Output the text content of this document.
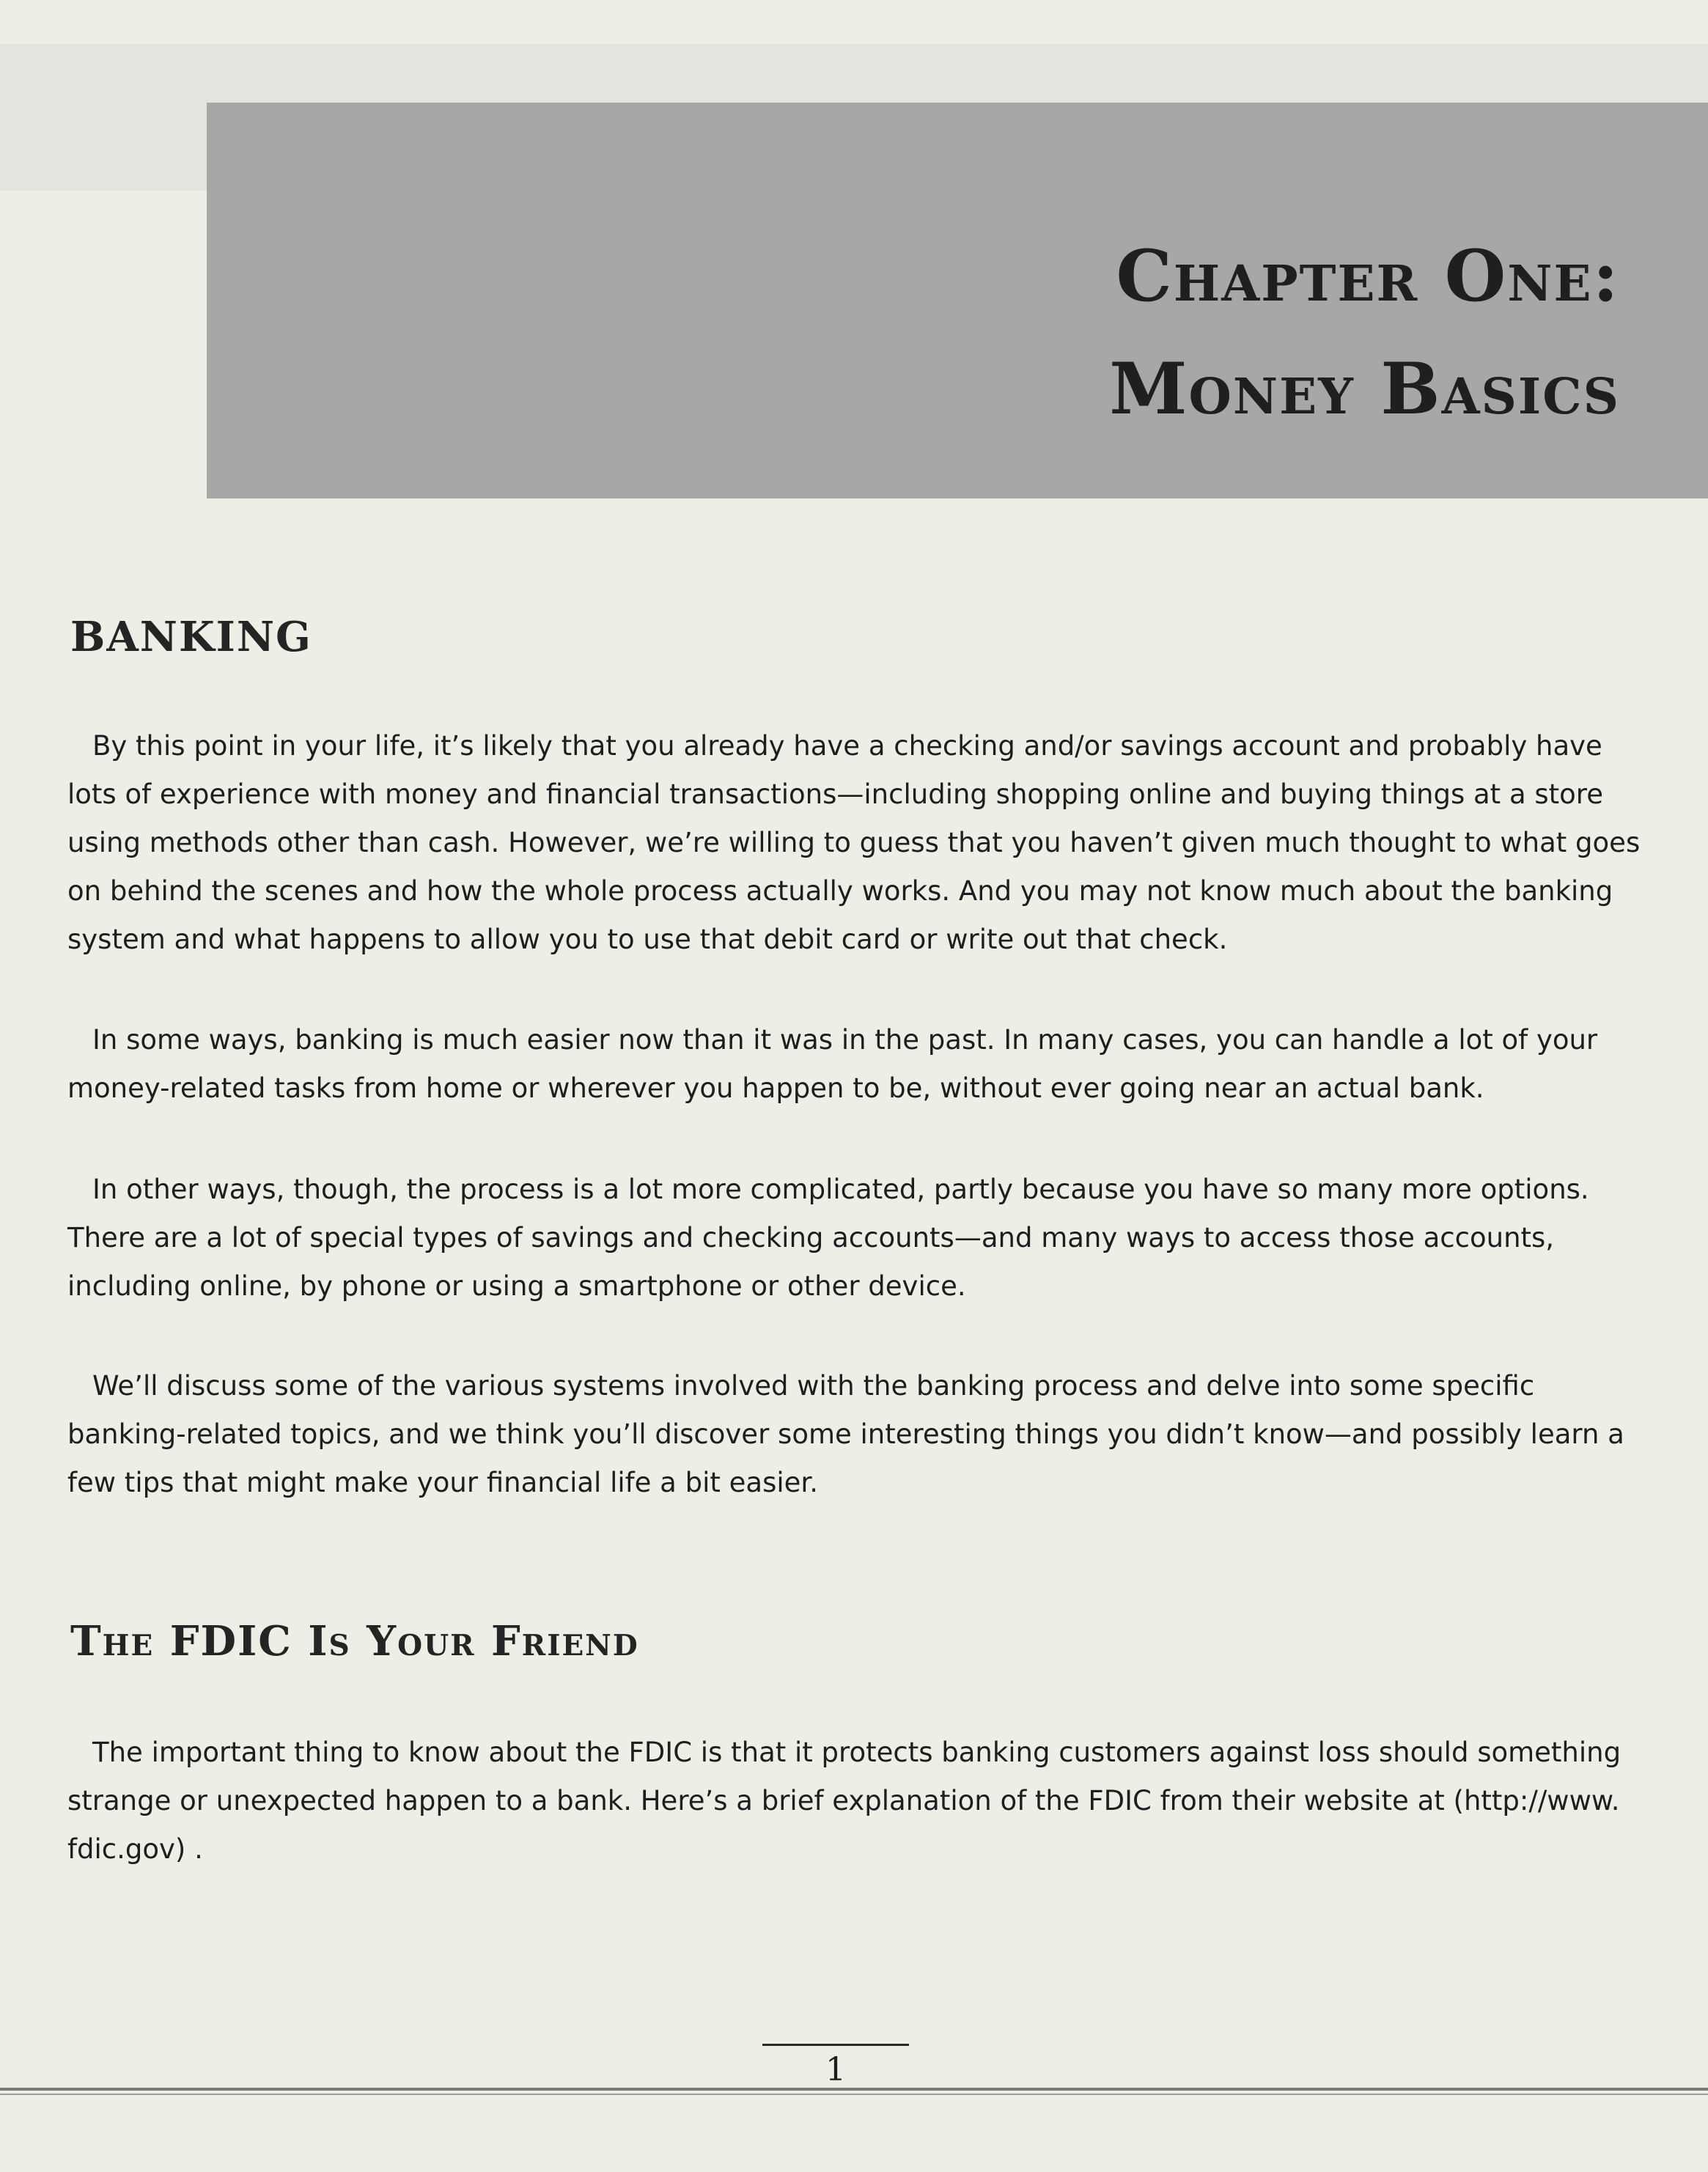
Chapter One:
Money Basics
BANKING

By this point in your life, it’s likely that you already have a checking and/or savings account and probably have lots of experience with money and financial transactions—including shopping online and buying things at a store using methods other than cash. However, we’re willing to guess that you haven’t given much thought to what goes on behind the scenes and how the whole process actually works. And you may not know much about the banking system and what happens to allow you to use that debit card or write out that check.

In some ways, banking is much easier now than it was in the past. In many cases, you can handle a lot of your money-related tasks from home or wherever you happen to be, without ever going near an actual bank.

In other ways, though, the process is a lot more complicated, partly because you have so many more options. There are a lot of special types of savings and checking accounts—and many ways to access those accounts, including online, by phone or using a smartphone or other device.

We’ll discuss some of the various systems involved with the banking process and delve into some specific banking-related topics, and we think you’ll discover some interesting things you didn’t know—and possibly learn a few tips that might make your financial life a bit easier.

The FDIC Is Your Friend

The important thing to know about the FDIC is that it protects banking customers against loss should something strange or unexpected happen to a bank. Here’s a brief explanation of the FDIC from their website at (http://www. fdic.gov) .

1
